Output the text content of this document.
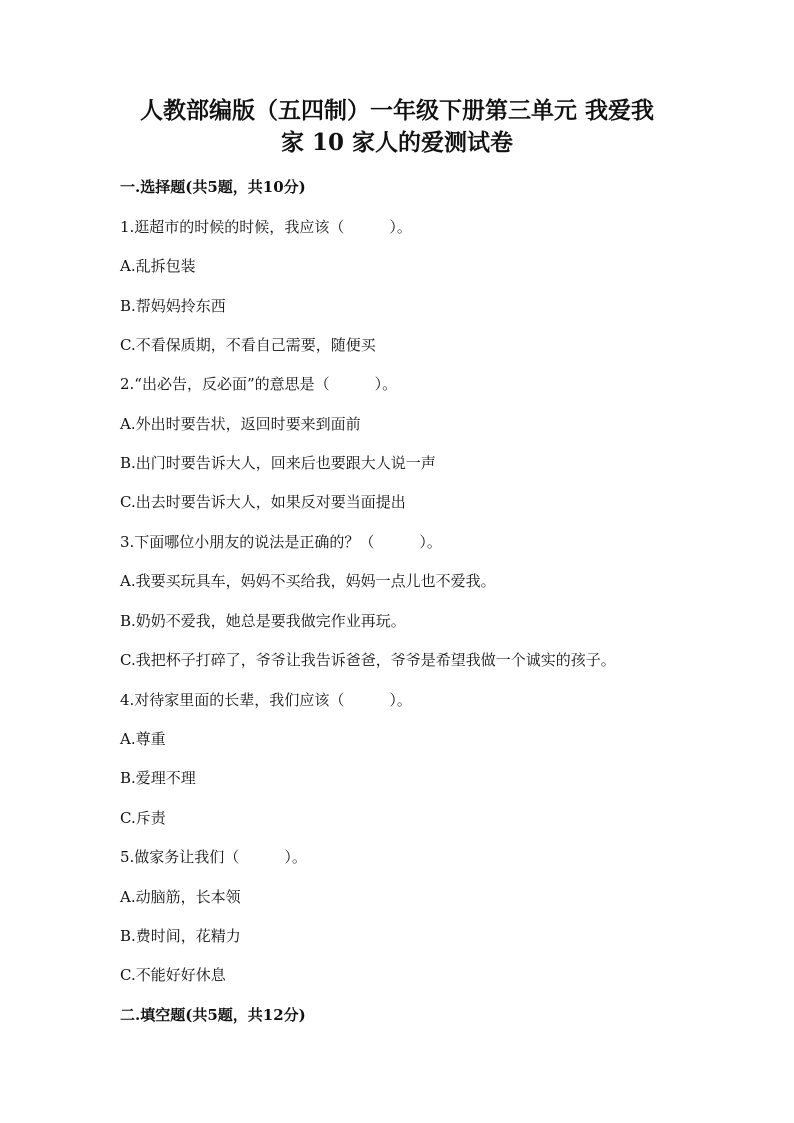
人教部编版（五四制）一年级下册第三单元 我爱我
家 10 家人的爱测试卷
一.选择题(共5题，共10分)
1.逛超市的时候的时候，我应该（　　　）。
A.乱拆包装
B.帮妈妈拎东西
C.不看保质期，不看自己需要，随便买
2.“出必告，反必面”的意思是（　　　）。
A.外出时要告状，返回时要来到面前
B.出门时要告诉大人，回来后也要跟大人说一声
C.出去时要告诉大人，如果反对要当面提出
3.下面哪位小朋友的说法是正确的？（　　　）。
A.我要买玩具车，妈妈不买给我，妈妈一点儿也不爱我。
B.奶奶不爱我，她总是要我做完作业再玩。
C.我把杯子打碎了，爷爷让我告诉爸爸，爷爷是希望我做一个诚实的孩子。
4.对待家里面的长辈，我们应该（　　　）。
A.尊重
B.爱理不理
C.斥责
5.做家务让我们（　　　）。
A.动脑筋，长本领
B.费时间，花精力
C.不能好好休息
二.填空题(共5题，共12分)
